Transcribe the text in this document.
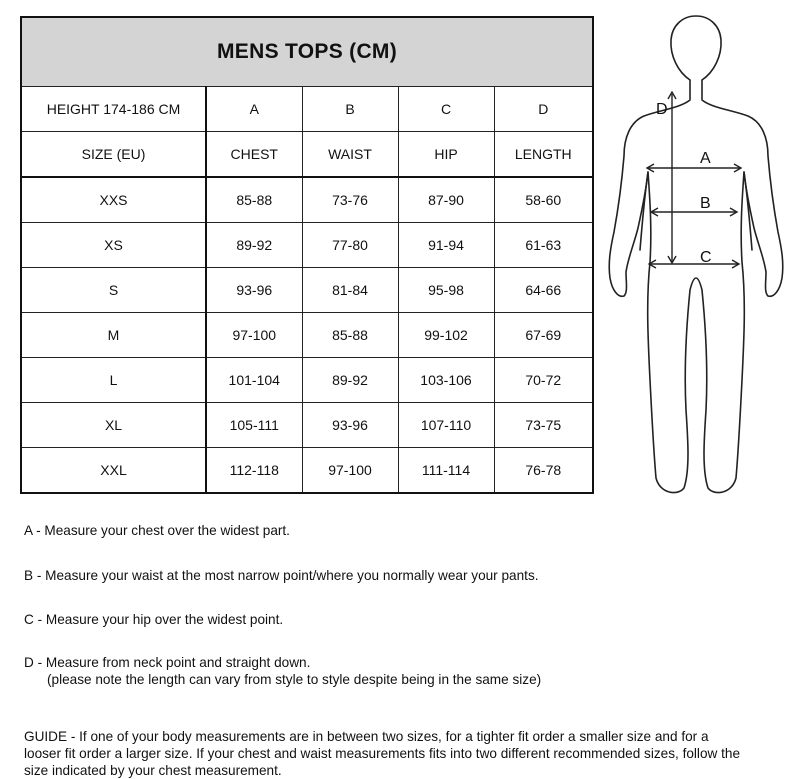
MENS TOPS (CM)				
HEIGHT 174-186 CM	A	B	C	D
SIZE (EU)	CHEST	WAIST	HIP	LENGTH
XXS	85-88	73-76	87-90	58-60
XS	89-92	77-80	91-94	61-63
S	93-96	81-84	95-98	64-66
M	97-100	85-88	99-102	67-69
L	101-104	89-92	103-106	70-72
XL	105-111	93-96	107-110	73-75
XXL	112-118	97-100	111-114	76-78
D
A
B
C
A - Measure your chest over the widest part.
B - Measure your waist at the most narrow point/where you normally wear your pants.
C - Measure your hip over the widest point.
D - Measure from neck point and straight down.
(please note the length can vary from style to style despite being in the same size)
GUIDE - If one of your body measurements are in between two sizes, for a tighter fit order a smaller size and for a looser fit order a larger size. If your chest and waist measurements fits into two different recommended sizes, follow the size indicated by your chest measurement.
